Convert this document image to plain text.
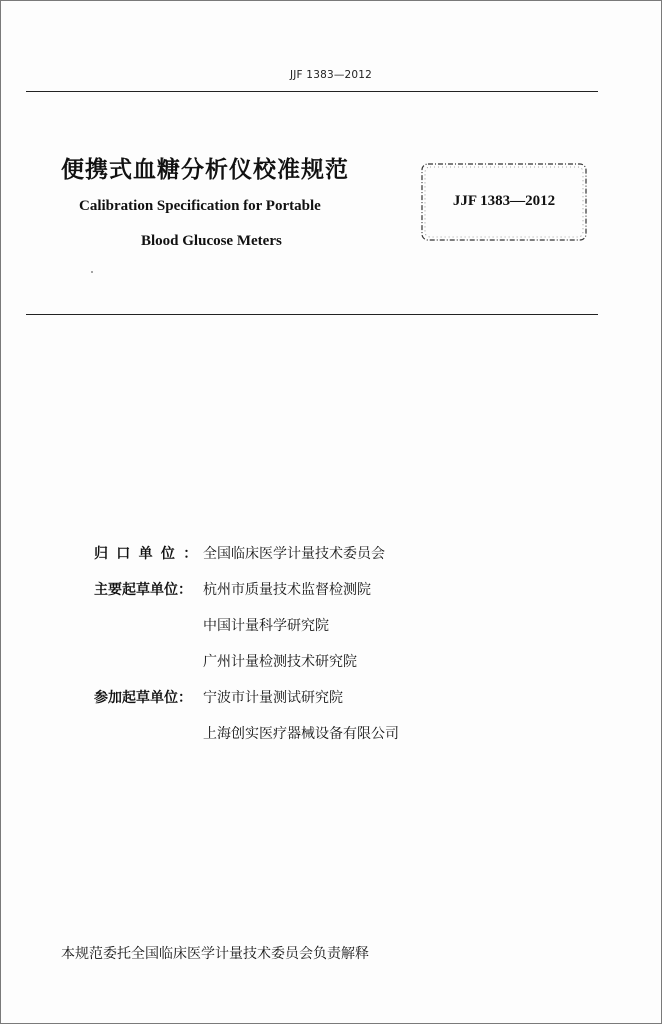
JJF 1383—2012
便携式血糖分析仪校准规范
Calibration Specification for Portable
Blood Glucose Meters
JJF 1383—2012
归口单位： 全国临床医学计量技术委员会
主要起草单位： 杭州市质量技术监督检测院
中国计量科学研究院
广州计量检测技术研究院
参加起草单位： 宁波市计量测试研究院
上海创实医疗器械设备有限公司
本规范委托全国临床医学计量技术委员会负责解释
